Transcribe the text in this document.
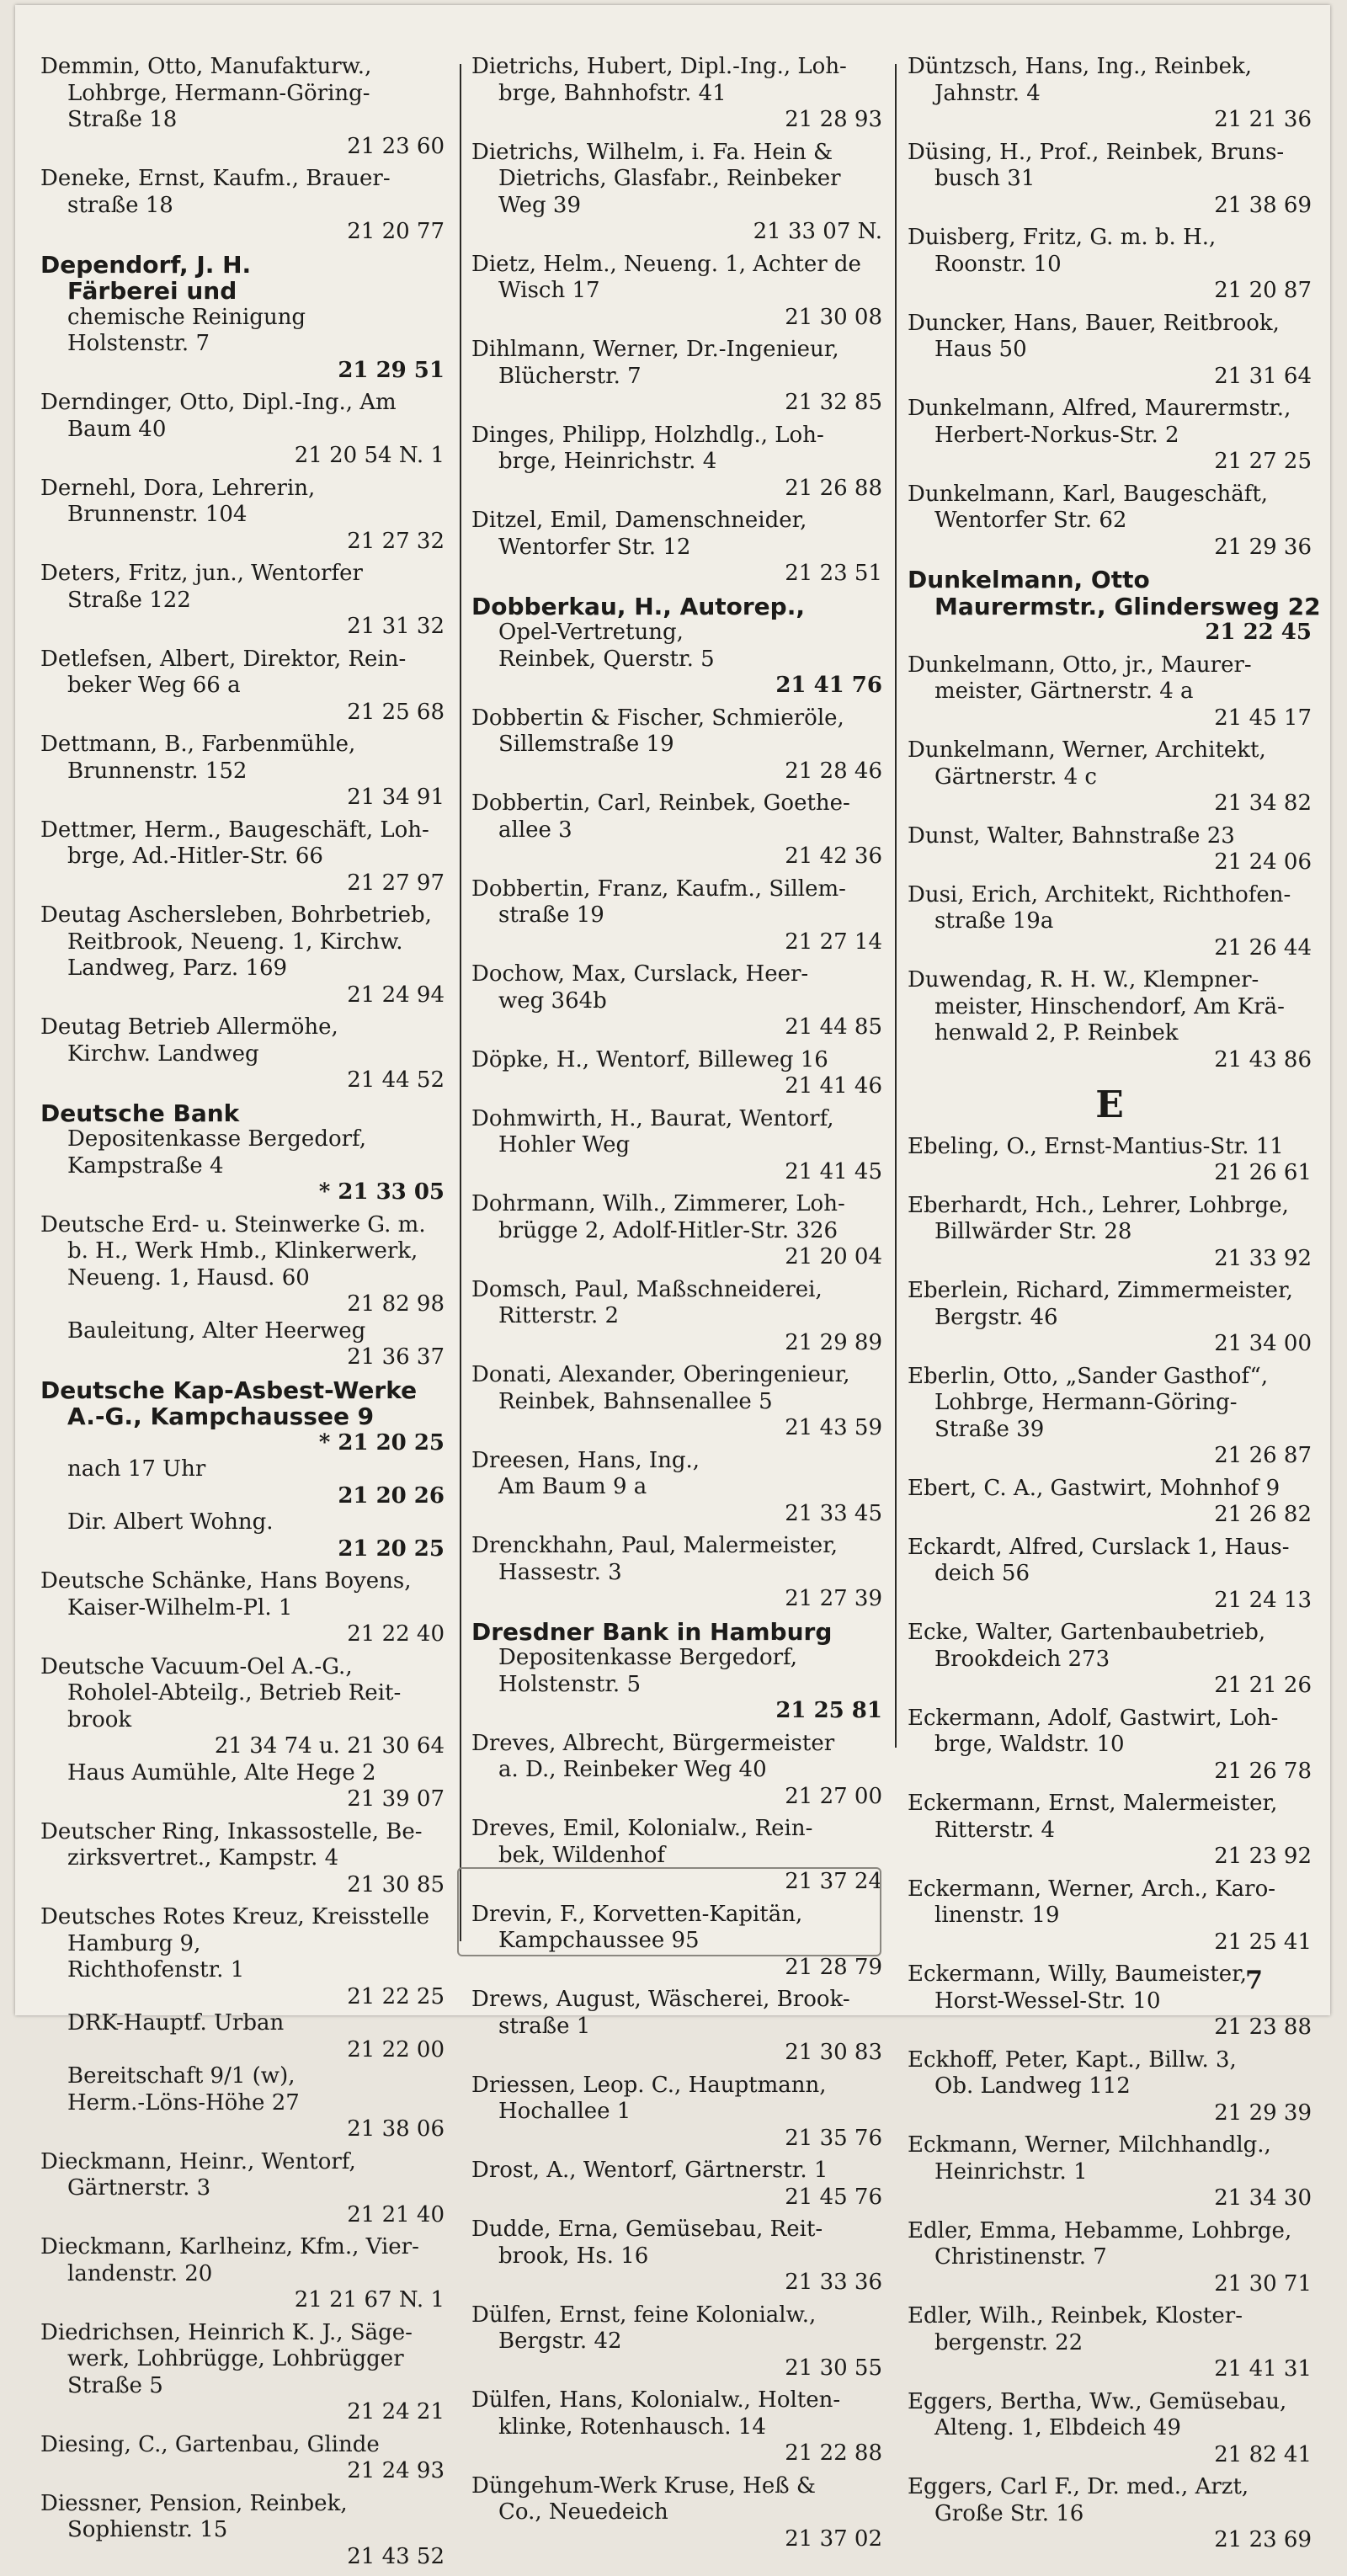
Demmin, Otto, Manufakturw.,
Lohbrge, Hermann-Göring-
Straße 18
21 23 60
Deneke, Ernst, Kaufm., Brauer-
straße 18
21 20 77
Dependorf, J. H.
Färberei und
chemische Reinigung
Holstenstr. 7
21 29 51
Derndinger, Otto, Dipl.-Ing., Am
Baum 40
21 20 54 N. 1
Dernehl, Dora, Lehrerin,
Brunnenstr. 104
21 27 32
Deters, Fritz, jun., Wentorfer
Straße 122
21 31 32
Detlefsen, Albert, Direktor, Rein-
beker Weg 66 a
21 25 68
Dettmann, B., Farbenmühle,
Brunnenstr. 152
21 34 91
Dettmer, Herm., Baugeschäft, Loh-
brge, Ad.-Hitler-Str. 66
21 27 97
Deutag Aschersleben, Bohrbetrieb,
Reitbrook, Neueng. 1, Kirchw.
Landweg, Parz. 169
21 24 94
Deutag Betrieb Allermöhe,
Kirchw. Landweg
21 44 52
Deutsche Bank
Depositenkasse Bergedorf,
Kampstraße 4
* 21 33 05
Deutsche Erd- u. Steinwerke G. m.
b. H., Werk Hmb., Klinkerwerk,
Neueng. 1, Hausd. 60
21 82 98
Bauleitung, Alter Heerweg
21 36 37
Deutsche Kap-Asbest-Werke
A.-G., Kampchaussee 9
* 21 20 25
nach 17 Uhr
21 20 26
Dir. Albert Wohng.
21 20 25
Deutsche Schänke, Hans Boyens,
Kaiser-Wilhelm-Pl. 1
21 22 40
Deutsche Vacuum-Oel A.-G.,
Roholel-Abteilg., Betrieb Reit-
brook
21 34 74 u. 21 30 64
Haus Aumühle, Alte Hege 2
21 39 07
Deutscher Ring, Inkassostelle, Be-
zirksvertret., Kampstr. 4
21 30 85
Deutsches Rotes Kreuz, Kreisstelle
Hamburg 9,
Richthofenstr. 1
21 22 25
DRK-Hauptf. Urban
21 22 00
Bereitschaft 9/1 (w),
Herm.-Löns-Höhe 27
21 38 06
Dieckmann, Heinr., Wentorf,
Gärtnerstr. 3
21 21 40
Dieckmann, Karlheinz, Kfm., Vier-
landenstr. 20
21 21 67 N. 1
Diedrichsen, Heinrich K. J., Säge-
werk, Lohbrügge, Lohbrügger
Straße 5
21 24 21
Diesing, C., Gartenbau, Glinde
21 24 93
Diessner, Pension, Reinbek,
Sophienstr. 15
21 43 52
Dietrichs, Hubert, Dipl.-Ing., Loh-
brge, Bahnhofstr. 41
21 28 93
Dietrichs, Wilhelm, i. Fa. Hein &
Dietrichs, Glasfabr., Reinbeker
Weg 39
21 33 07 N.
Dietz, Helm., Neueng. 1, Achter de
Wisch 17
21 30 08
Dihlmann, Werner, Dr.-Ingenieur,
Blücherstr. 7
21 32 85
Dinges, Philipp, Holzhdlg., Loh-
brge, Heinrichstr. 4
21 26 88
Ditzel, Emil, Damenschneider,
Wentorfer Str. 12
21 23 51
Dobberkau, H., Autorep.,
Opel-Vertretung,
Reinbek, Querstr. 5
21 41 76
Dobbertin & Fischer, Schmieröle,
Sillemstraße 19
21 28 46
Dobbertin, Carl, Reinbek, Goethe-
allee 3
21 42 36
Dobbertin, Franz, Kaufm., Sillem-
straße 19
21 27 14
Dochow, Max, Curslack, Heer-
weg 364b
21 44 85
Döpke, H., Wentorf, Billeweg 16
21 41 46
Dohmwirth, H., Baurat, Wentorf,
Hohler Weg
21 41 45
Dohrmann, Wilh., Zimmerer, Loh-
brügge 2, Adolf-Hitler-Str. 326
21 20 04
Domsch, Paul, Maßschneiderei,
Ritterstr. 2
21 29 89
Donati, Alexander, Oberingenieur,
Reinbek, Bahnsenallee 5
21 43 59
Dreesen, Hans, Ing.,
Am Baum 9 a
21 33 45
Drenckhahn, Paul, Malermeister,
Hassestr. 3
21 27 39
Dresdner Bank in Hamburg
Depositenkasse Bergedorf,
Holstenstr. 5
21 25 81
Dreves, Albrecht, Bürgermeister
a. D., Reinbeker Weg 40
21 27 00
Dreves, Emil, Kolonialw., Rein-
bek, Wildenhof
21 37 24
Drevin, F., Korvetten-Kapitän,
Kampchaussee 95
21 28 79
Drews, August, Wäscherei, Brook-
straße 1
21 30 83
Driessen, Leop. C., Hauptmann,
Hochallee 1
21 35 76
Drost, A., Wentorf, Gärtnerstr. 1
21 45 76
Dudde, Erna, Gemüsebau, Reit-
brook, Hs. 16
21 33 36
Dülfen, Ernst, feine Kolonialw.,
Bergstr. 42
21 30 55
Dülfen, Hans, Kolonialw., Holten-
klinke, Rotenhausch. 14
21 22 88
Düngehum-Werk Kruse, Heß &
Co., Neuedeich
21 37 02
Düntzsch, Hans, Ing., Reinbek,
Jahnstr. 4
21 21 36
Düsing, H., Prof., Reinbek, Bruns-
busch 31
21 38 69
Duisberg, Fritz, G. m. b. H.,
Roonstr. 10
21 20 87
Duncker, Hans, Bauer, Reitbrook,
Haus 50
21 31 64
Dunkelmann, Alfred, Maurermstr.,
Herbert-Norkus-Str. 2
21 27 25
Dunkelmann, Karl, Baugeschäft,
Wentorfer Str. 62
21 29 36
Dunkelmann, Otto
Maurermstr., Glindersweg 22
21 22 45
Dunkelmann, Otto, jr., Maurer-
meister, Gärtnerstr. 4 a
21 45 17
Dunkelmann, Werner, Architekt,
Gärtnerstr. 4 c
21 34 82
Dunst, Walter, Bahnstraße 23
21 24 06
Dusi, Erich, Architekt, Richthofen-
straße 19a
21 26 44
Duwendag, R. H. W., Klempner-
meister, Hinschendorf, Am Krä-
henwald 2, P. Reinbek
21 43 86
E
Ebeling, O., Ernst-Mantius-Str. 11
21 26 61
Eberhardt, Hch., Lehrer, Lohbrge,
Billwärder Str. 28
21 33 92
Eberlein, Richard, Zimmermeister,
Bergstr. 46
21 34 00
Eberlin, Otto, „Sander Gasthof“,
Lohbrge, Hermann-Göring-
Straße 39
21 26 87
Ebert, C. A., Gastwirt, Mohnhof 9
21 26 82
Eckardt, Alfred, Curslack 1, Haus-
deich 56
21 24 13
Ecke, Walter, Gartenbaubetrieb,
Brookdeich 273
21 21 26
Eckermann, Adolf, Gastwirt, Loh-
brge, Waldstr. 10
21 26 78
Eckermann, Ernst, Malermeister,
Ritterstr. 4
21 23 92
Eckermann, Werner, Arch., Karo-
linenstr. 19
21 25 41
Eckermann, Willy, Baumeister,
Horst-Wessel-Str. 10
21 23 88
Eckhoff, Peter, Kapt., Billw. 3,
Ob. Landweg 112
21 29 39
Eckmann, Werner, Milchhandlg.,
Heinrichstr. 1
21 34 30
Edler, Emma, Hebamme, Lohbrge,
Christinenstr. 7
21 30 71
Edler, Wilh., Reinbek, Kloster-
bergenstr. 22
21 41 31
Eggers, Bertha, Ww., Gemüsebau,
Alteng. 1, Elbdeich 49
21 82 41
Eggers, Carl F., Dr. med., Arzt,
Große Str. 16
21 23 69
7
